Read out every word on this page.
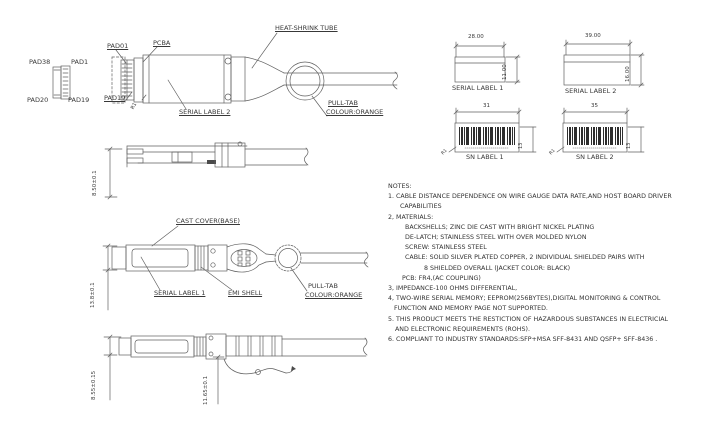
PAD38	PAD1
PAD20	PAD19
PAD01	PCBA
PAD19
R1
SERIAL LABEL 2
HEAT-SHRINK TUBE
PULL-TAB
COLOUR:ORANGE
8.50±0.1
CAST COVER(BASE)
SERIAL LABEL 1	EMI SHELL
PULL-TAB
COLOUR:ORANGE
13.8±0.1
8.55±0.15	11.65±0.1
28.00
11.00
SERIAL LABEL 1
39.00
16.00
SERIAL LABEL 2
31
13
SN LABEL 1
R1
35
13
SN LABEL 2
R1
NOTES:
1. CABLE DISTANCE DEPENDENCE ON WIRE GAUGE DATA RATE,AND HOST BOARD DRIVER
CAPABILITIES
2, MATERIALS:
BACKSHELLS; ZINC DIE CAST WITH BRIGHT NICKEL PLATING
DE-LATCH; STAINLESS STEEL WITH OVER MOLDED NYLON
SCREW: STAINLESS STEEL
CABLE: SOLID SILVER PLATED COPPER, 2 INDIVIDUAL SHIELDED PAIRS WITH
8 SHIELDED OVERALL (JACKET COLOR: BLACK)
PCB: FR4,(AC COUPLING)
3, IMPEDANCE-100 OHMS DIFFERENTIAL,
4, TWO-WIRE SERIAL MEMORY; EEPROM(256BYTES),DIGITAL MONITORING & CONTROL
FUNCTION AND MEMORY PAGE NOT SUPPORTED.
5. THIS PRODUCT MEETS THE RESTICTION OF HAZARDOUS SUBSTANCES IN ELECTRICIAL
AND ELECTRONIC REQUIREMENTS (ROHS).
6. COMPLIANT TO INDUSTRY STANDARDS:SFP+MSA SFF-8431 AND QSFP+ SFF-8436 .
